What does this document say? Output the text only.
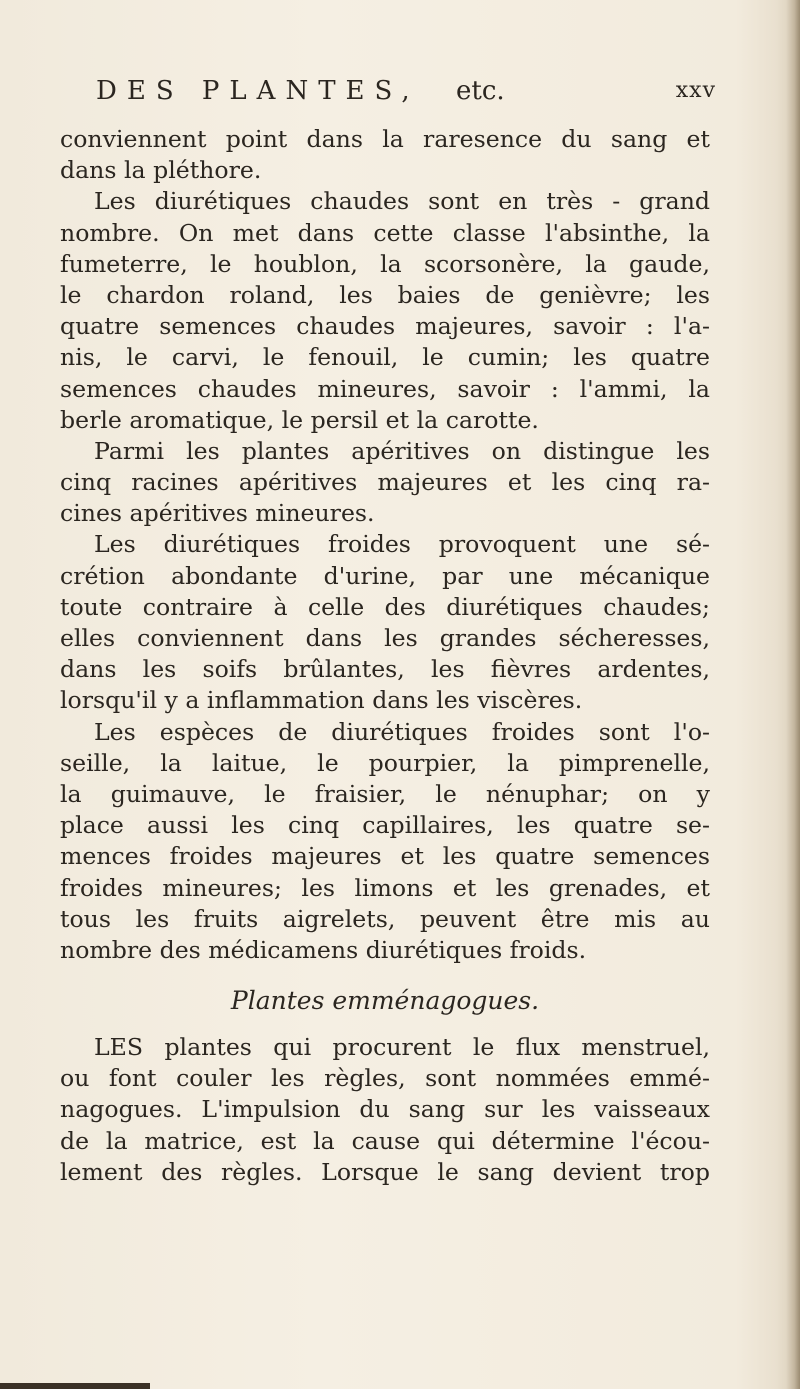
DES PLANTES, etc.	xxv
conviennent point dans la raresence du sang et
dans la pléthore.
Les diurétiques chaudes sont en très - grand
nombre. On met dans cette classe l'absinthe, la
fumeterre, le houblon, la scorsonère, la gaude,
le chardon roland, les baies de genièvre; les
quatre semences chaudes majeures, savoir : l'a-
nis, le carvi, le fenouil, le cumin; les quatre
semences chaudes mineures, savoir : l'ammi, la
berle aromatique, le persil et la carotte.
Parmi les plantes apéritives on distingue les
cinq racines apéritives majeures et les cinq ra-
cines apéritives mineures.
Les diurétiques froides provoquent une sé-
crétion abondante d'urine, par une mécanique
toute contraire à celle des diurétiques chaudes;
elles conviennent dans les grandes sécheresses,
dans les soifs brûlantes, les fièvres ardentes,
lorsqu'il y a inflammation dans les viscères.
Les espèces de diurétiques froides sont l'o-
seille, la laitue, le pourpier, la pimprenelle,
la guimauve, le fraisier, le nénuphar; on y
place aussi les cinq capillaires, les quatre se-
mences froides majeures et les quatre semences
froides mineures; les limons et les grenades, et
tous les fruits aigrelets, peuvent être mis au
nombre des médicamens diurétiques froids.
Plantes emménagogues.
LES plantes qui procurent le flux menstruel,
ou font couler les règles, sont nommées emmé-
nagogues. L'impulsion du sang sur les vaisseaux
de la matrice, est la cause qui détermine l'écou-
lement des règles. Lorsque le sang devient trop
